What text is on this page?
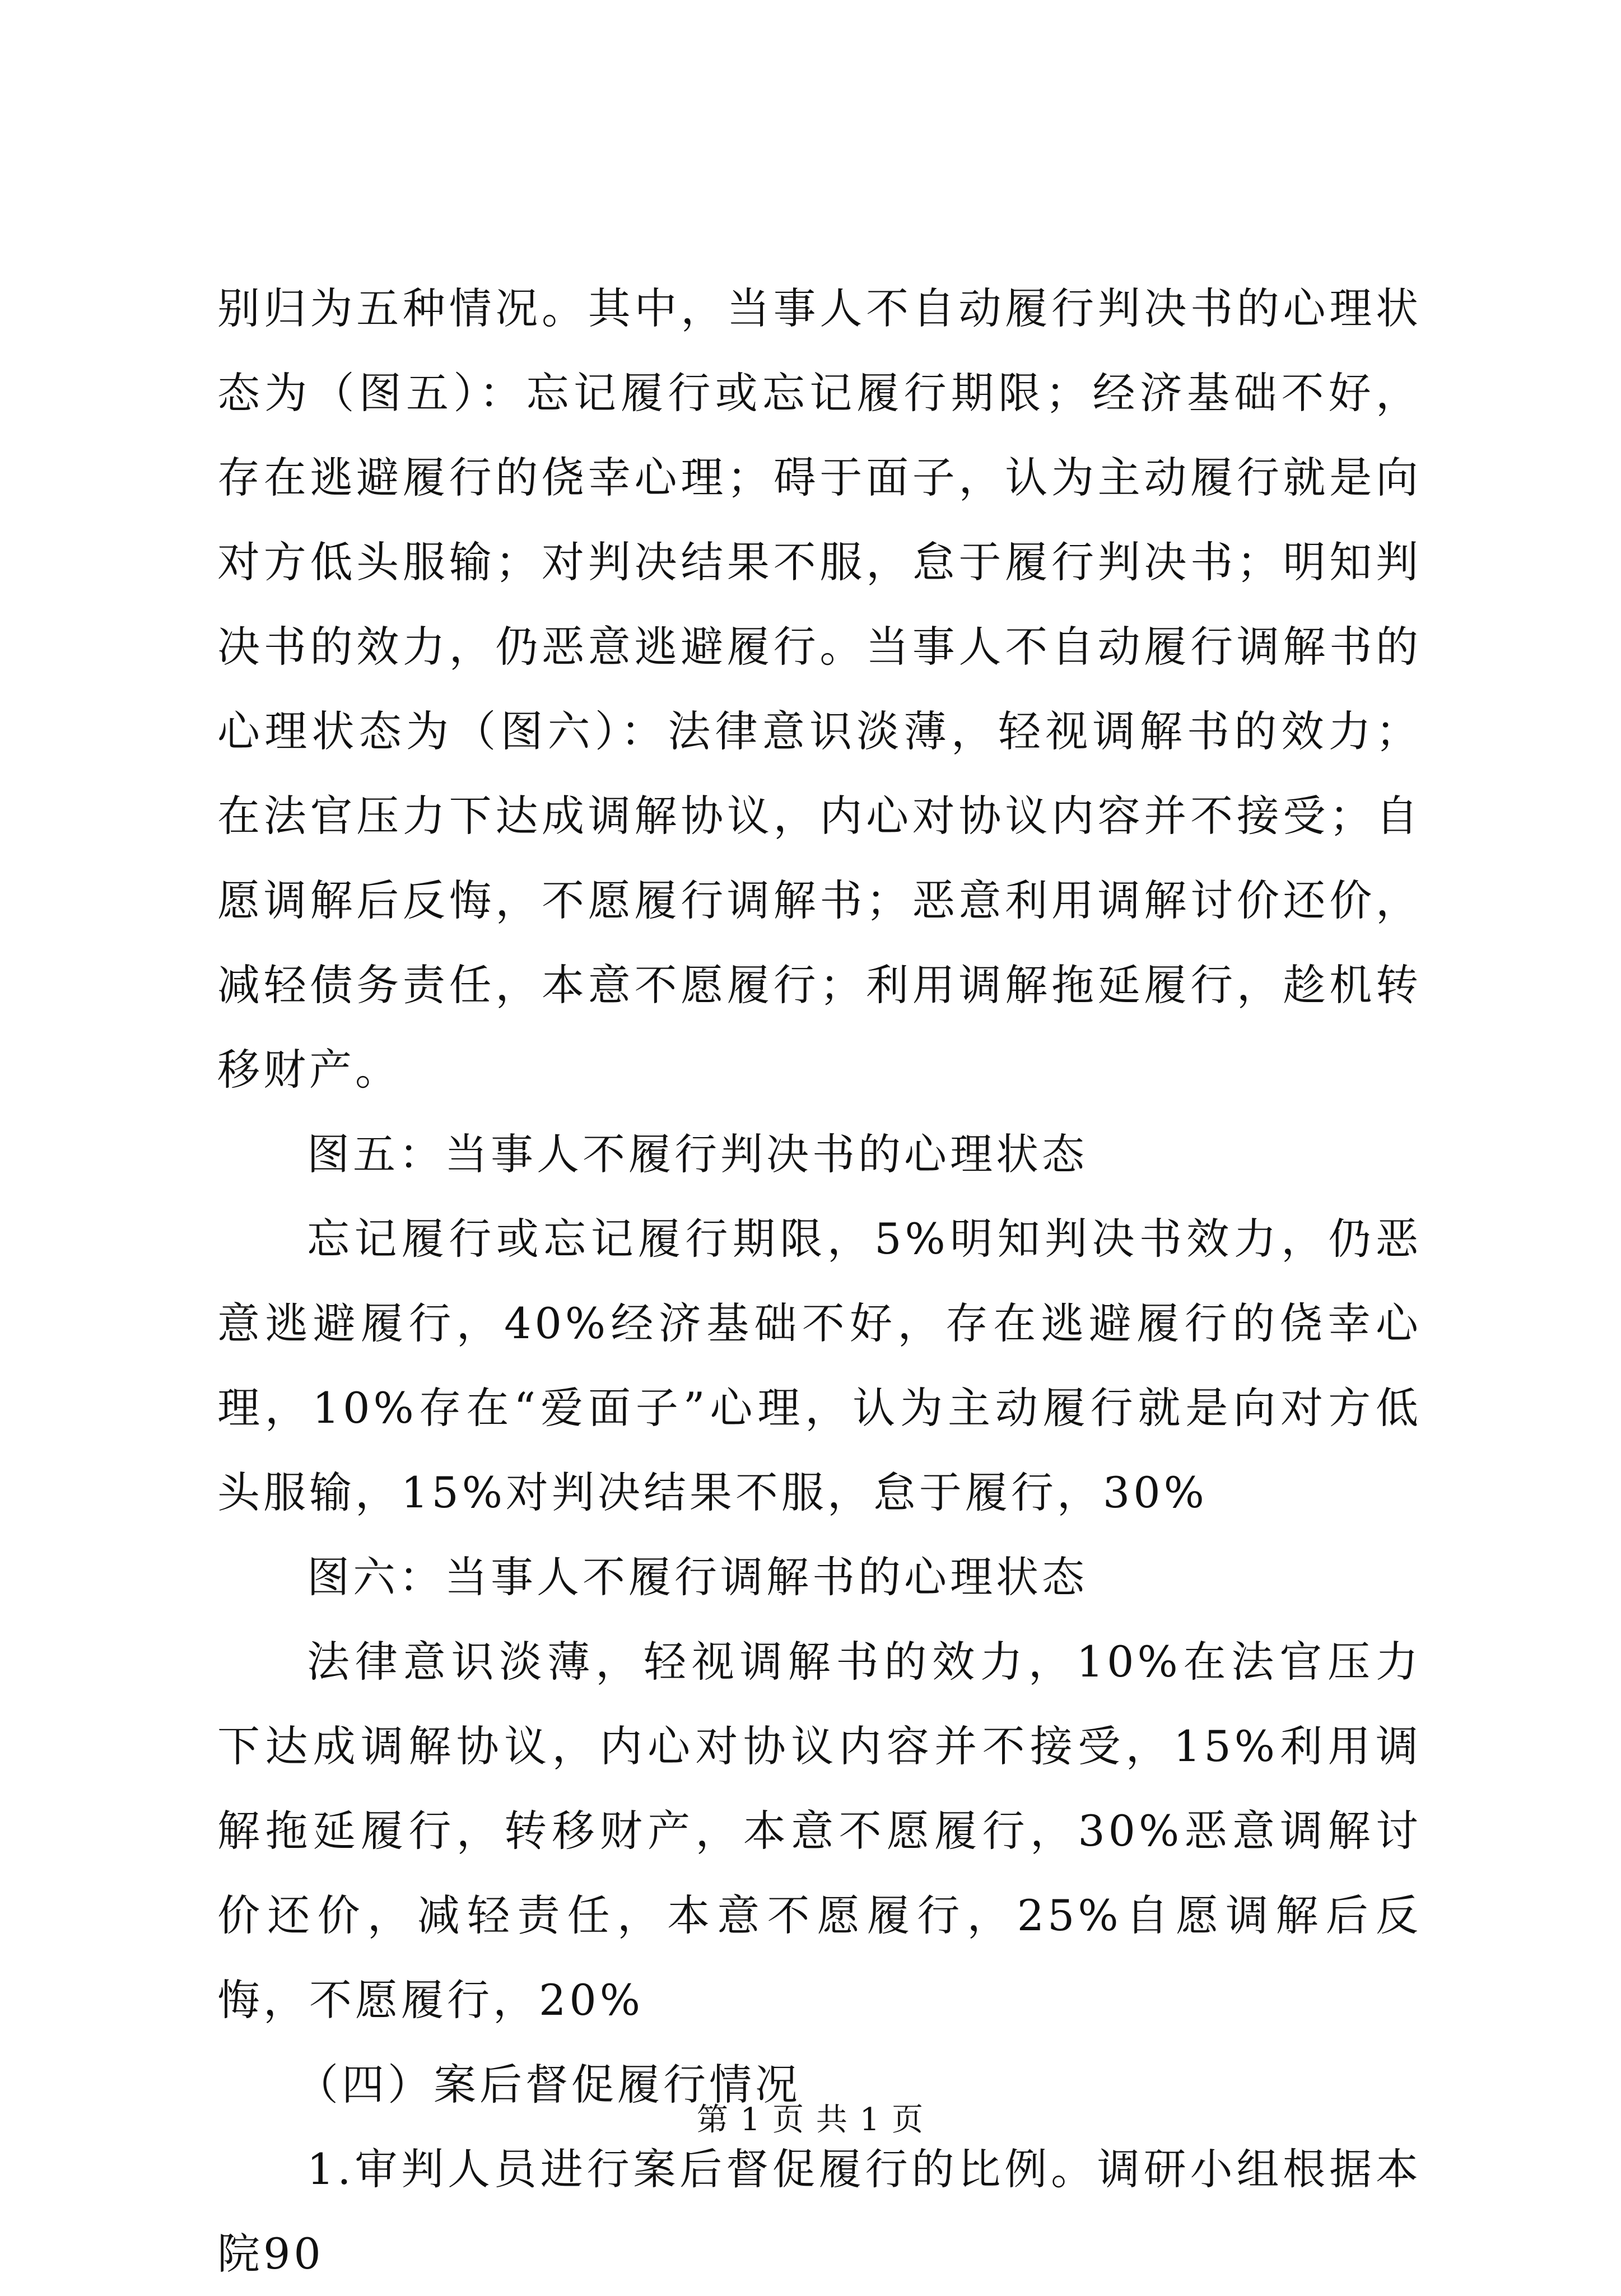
别归为五种情况。其中，当事人不自动履行判决书的心理状态为（图五）：忘记履行或忘记履行期限；经济基础不好，存在逃避履行的侥幸心理；碍于面子，认为主动履行就是向对方低头服输；对判决结果不服，怠于履行判决书；明知判决书的效力，仍恶意逃避履行。当事人不自动履行调解书的心理状态为（图六）：法律意识淡薄，轻视调解书的效力；在法官压力下达成调解协议，内心对协议内容并不接受；自愿调解后反悔，不愿履行调解书；恶意利用调解讨价还价，减轻债务责任，本意不愿履行；利用调解拖延履行，趁机转移财产。

图五：当事人不履行判决书的心理状态

忘记履行或忘记履行期限，5%明知判决书效力，仍恶意逃避履行，40%经济基础不好，存在逃避履行的侥幸心理，10%存在“爱面子”心理，认为主动履行就是向对方低头服输，15%对判决结果不服，怠于履行，30%

图六：当事人不履行调解书的心理状态

法律意识淡薄，轻视调解书的效力，10%在法官压力下达成调解协议，内心对协议内容并不接受，15%利用调解拖延履行，转移财产，本意不愿履行，30%恶意调解讨价还价，减轻责任，本意不愿履行，25%自愿调解后反悔，不愿履行，20%

（四）案后督促履行情况

1.审判人员进行案后督促履行的比例。调研小组根据本院90

第 1 页 共 1 页
